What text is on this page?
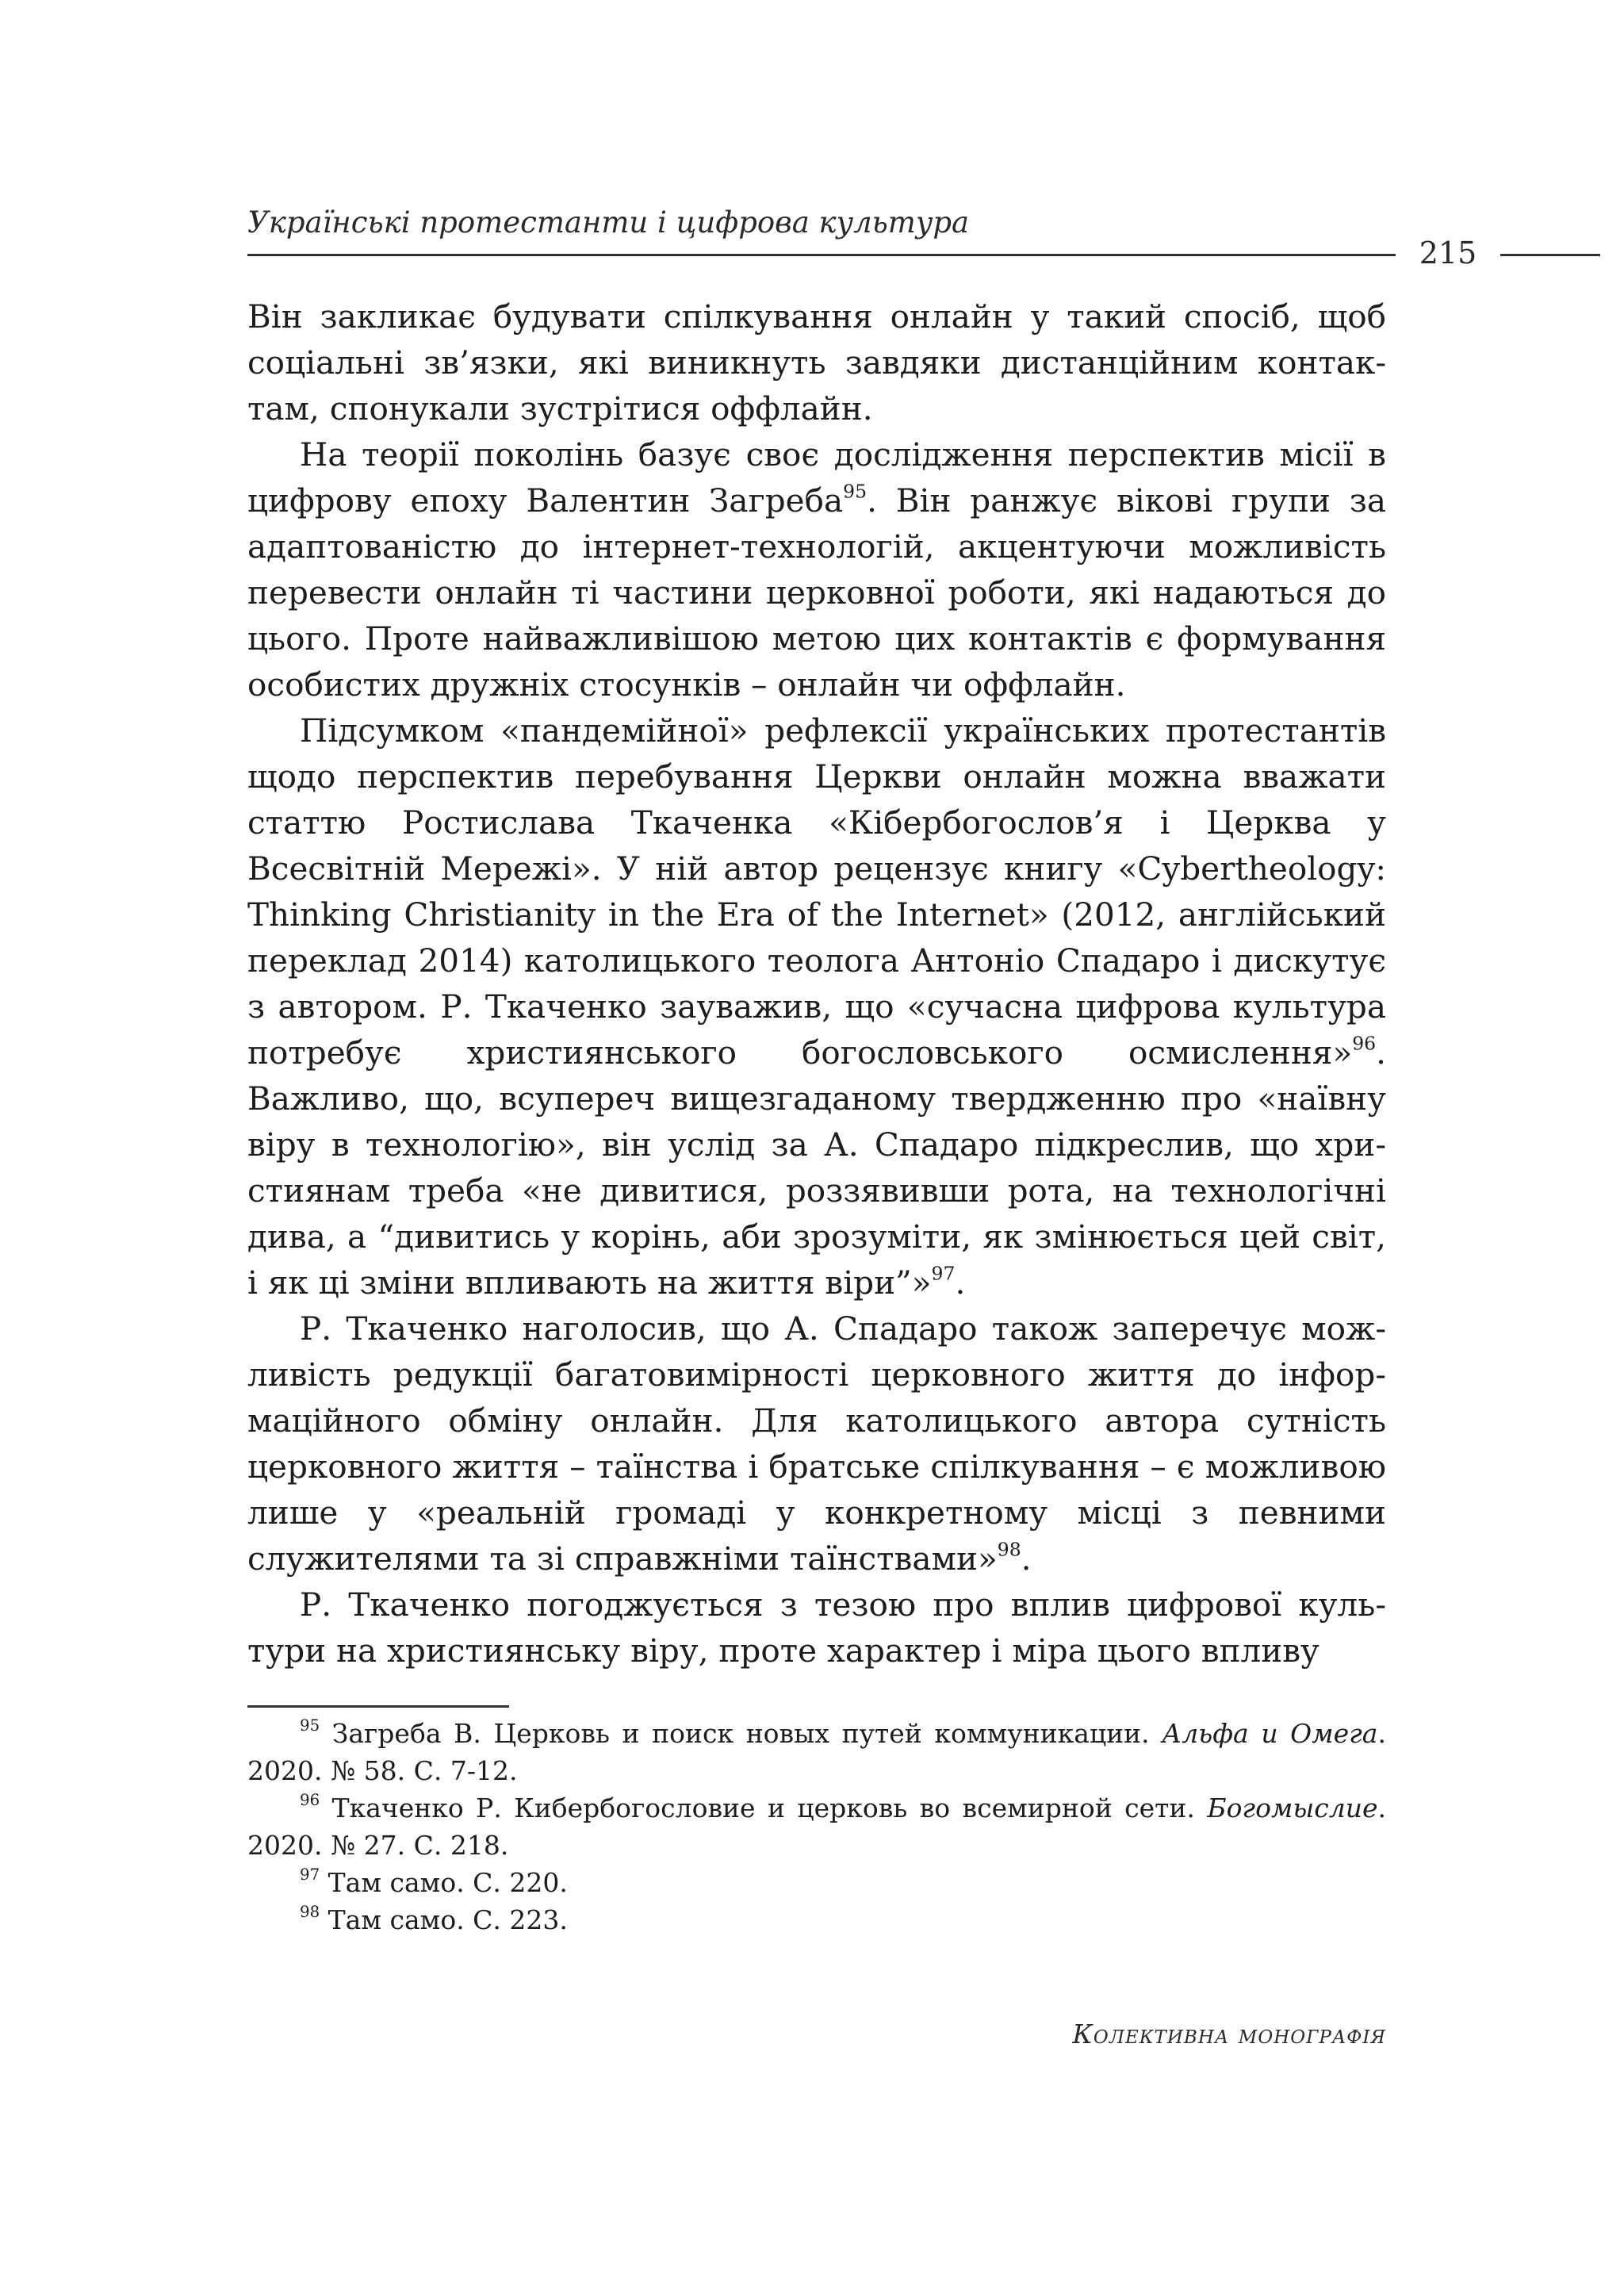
Українські протестанти і цифрова культура
215

Він закликає будувати спілкування онлайн у такий спосіб, щоб соціальні зв’язки, які виникнуть завдяки дистанційним контактам, спонукали зустрітися оффлайн.

На теорії поколінь базує своє дослідження перспектив місії в цифрову епоху Валентин Загреба$^{95}$. Він ранжує вікові групи за адаптованістю до інтернет-технологій, акцентуючи можливість перевести онлайн ті частини церковної роботи, які надаються до цього. Проте найважливішою метою цих контактів є формування особистих дружніх стосунків – онлайн чи оффлайн.

Підсумком «пандемійної» рефлексії українських протестантів щодо перспектив перебування Церкви онлайн можна вважати статтю Ростислава Ткаченка «Кібербогослов’я і Церква у Всесвітній Мережі». У ній автор рецензує книгу «Cybertheology: Thinking Christianity in the Era of the Internet» (2012, англійський переклад 2014) католицького теолога Антоніо Спадаро і дискутує з автором. Р. Ткаченко зауважив, що «сучасна цифрова культура потребує християнського богословського осмислення»$^{96}$. Важливо, що, всупереч вищезгаданому твердженню про «наївну віру в технологію», він услід за А. Спадаро підкреслив, що християнам треба «не дивитися, роззявивши рота, на технологічні дива, а “дивитись у корінь, аби зрозуміти, як змінюється цей світ, і як ці зміни впливають на життя віри”»$^{97}$.

Р. Ткаченко наголосив, що А. Спадаро також заперечує можливість редукції багатовимірності церковного життя до інформаційного обміну онлайн. Для католицького автора сутність церковного життя – таїнства і братське спілкування – є можливою лише у «реальній громаді у конкретному місці з певними служителями та зі справжніми таїнствами»$^{98}$.

Р. Ткаченко погоджується з тезою про вплив цифрової культури на християнську віру, проте характер і міра цього впливу

$^{95}$ Загреба В. Церковь и поиск новых путей коммуникации. Альфа и Омега. 2020. № 58. С. 7-12.

$^{96}$ Ткаченко Р. Кибербогословие и церковь во всемирной сети. Богомыслие. 2020. № 27. С. 218.

$^{97}$ Там само. С. 220.

$^{98}$ Там само. С. 223.

Колективна монографія
